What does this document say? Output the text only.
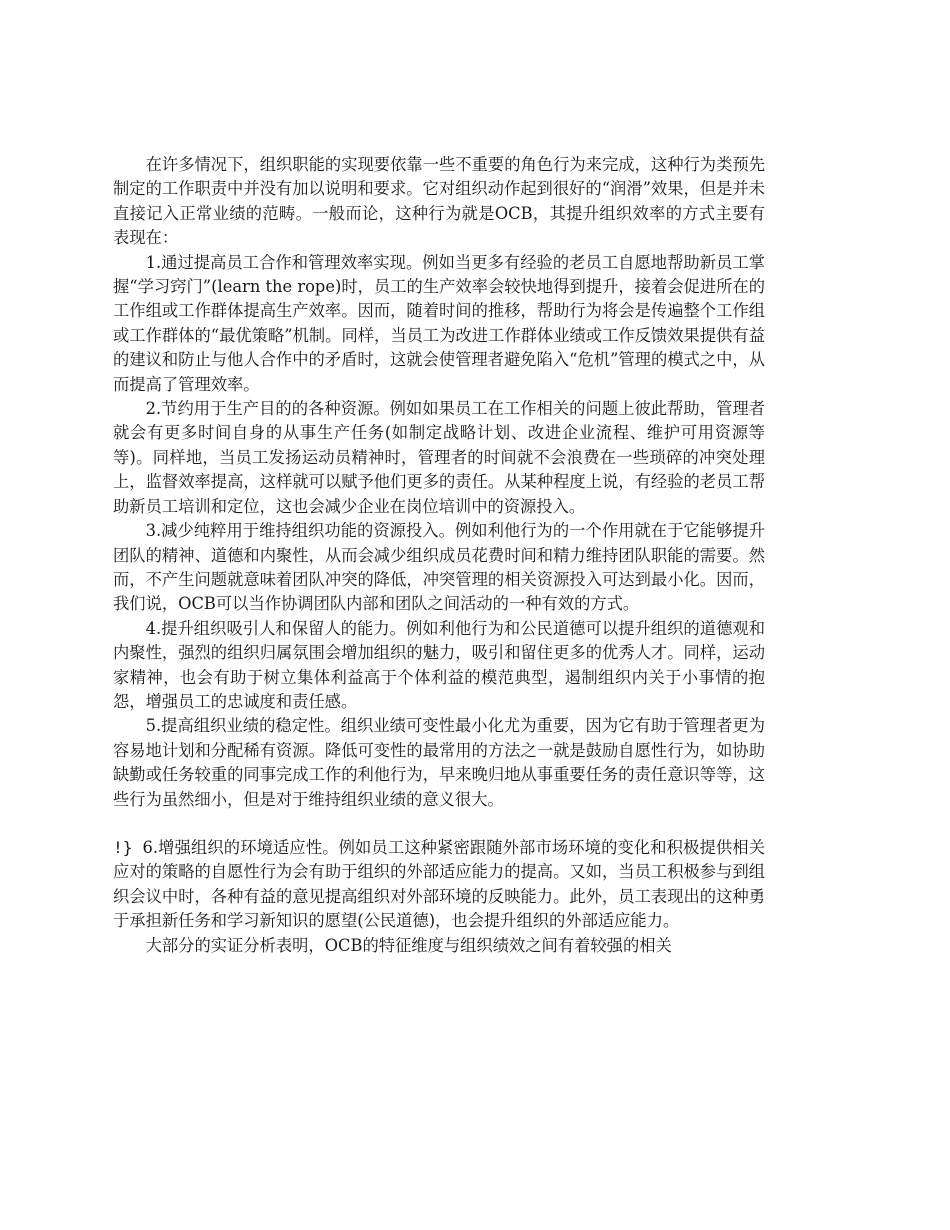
在许多情况下，组织职能的实现要依靠一些不重要的角色行为来完成，这种行为类预先制定的工作职责中并没有加以说明和要求。它对组织动作起到很好的“润滑”效果，但是并未直接记入正常业绩的范畴。一般而论，这种行为就是OCB，其提升组织效率的方式主要有表现在：

1.通过提高员工合作和管理效率实现。例如当更多有经验的老员工自愿地帮助新员工掌握“学习窍门”(learn the rope)时，员工的生产效率会较快地得到提升，接着会促进所在的工作组或工作群体提高生产效率。因而，随着时间的推移，帮助行为将会是传遍整个工作组或工作群体的“最优策略”机制。同样，当员工为改进工作群体业绩或工作反馈效果提供有益的建议和防止与他人合作中的矛盾时，这就会使管理者避免陷入“危机”管理的模式之中，从而提高了管理效率。

2.节约用于生产目的的各种资源。例如如果员工在工作相关的问题上彼此帮助，管理者就会有更多时间自身的从事生产任务(如制定战略计划、改进企业流程、维护可用资源等等)。同样地，当员工发扬运动员精神时，管理者的时间就不会浪费在一些琐碎的冲突处理上，监督效率提高，这样就可以赋予他们更多的责任。从某种程度上说，有经验的老员工帮助新员工培训和定位，这也会减少企业在岗位培训中的资源投入。

3.减少纯粹用于维持组织功能的资源投入。例如利他行为的一个作用就在于它能够提升团队的精神、道德和内聚性，从而会减少组织成员花费时间和精力维持团队职能的需要。然而，不产生问题就意味着团队冲突的降低，冲突管理的相关资源投入可达到最小化。因而，我们说，OCB可以当作协调团队内部和团队之间活动的一种有效的方式。

4.提升组织吸引人和保留人的能力。例如利他行为和公民道德可以提升组织的道德观和内聚性，强烈的组织归属氛围会增加组织的魅力，吸引和留住更多的优秀人才。同样，运动家精神，也会有助于树立集体利益高于个体利益的模范典型，遏制组织内关于小事情的抱怨，增强员工的忠诚度和责任感。

5.提高组织业绩的稳定性。组织业绩可变性最小化尤为重要，因为它有助于管理者更为容易地计划和分配稀有资源。降低可变性的最常用的方法之一就是鼓励自愿性行为，如协助缺勤或任务较重的同事完成工作的利他行为，早来晚归地从事重要任务的责任意识等等，这些行为虽然细小，但是对于维持组织业绩的意义很大。

!} 6.增强组织的环境适应性。例如员工这种紧密跟随外部市场环境的变化和积极提供相关应对的策略的自愿性行为会有助于组织的外部适应能力的提高。又如，当员工积极参与到组织会议中时，各种有益的意见提高组织对外部环境的反映能力。此外，员工表现出的这种勇于承担新任务和学习新知识的愿望(公民道德)，也会提升组织的外部适应能力。

大部分的实证分析表明，OCB的特征维度与组织绩效之间有着较强的相关
